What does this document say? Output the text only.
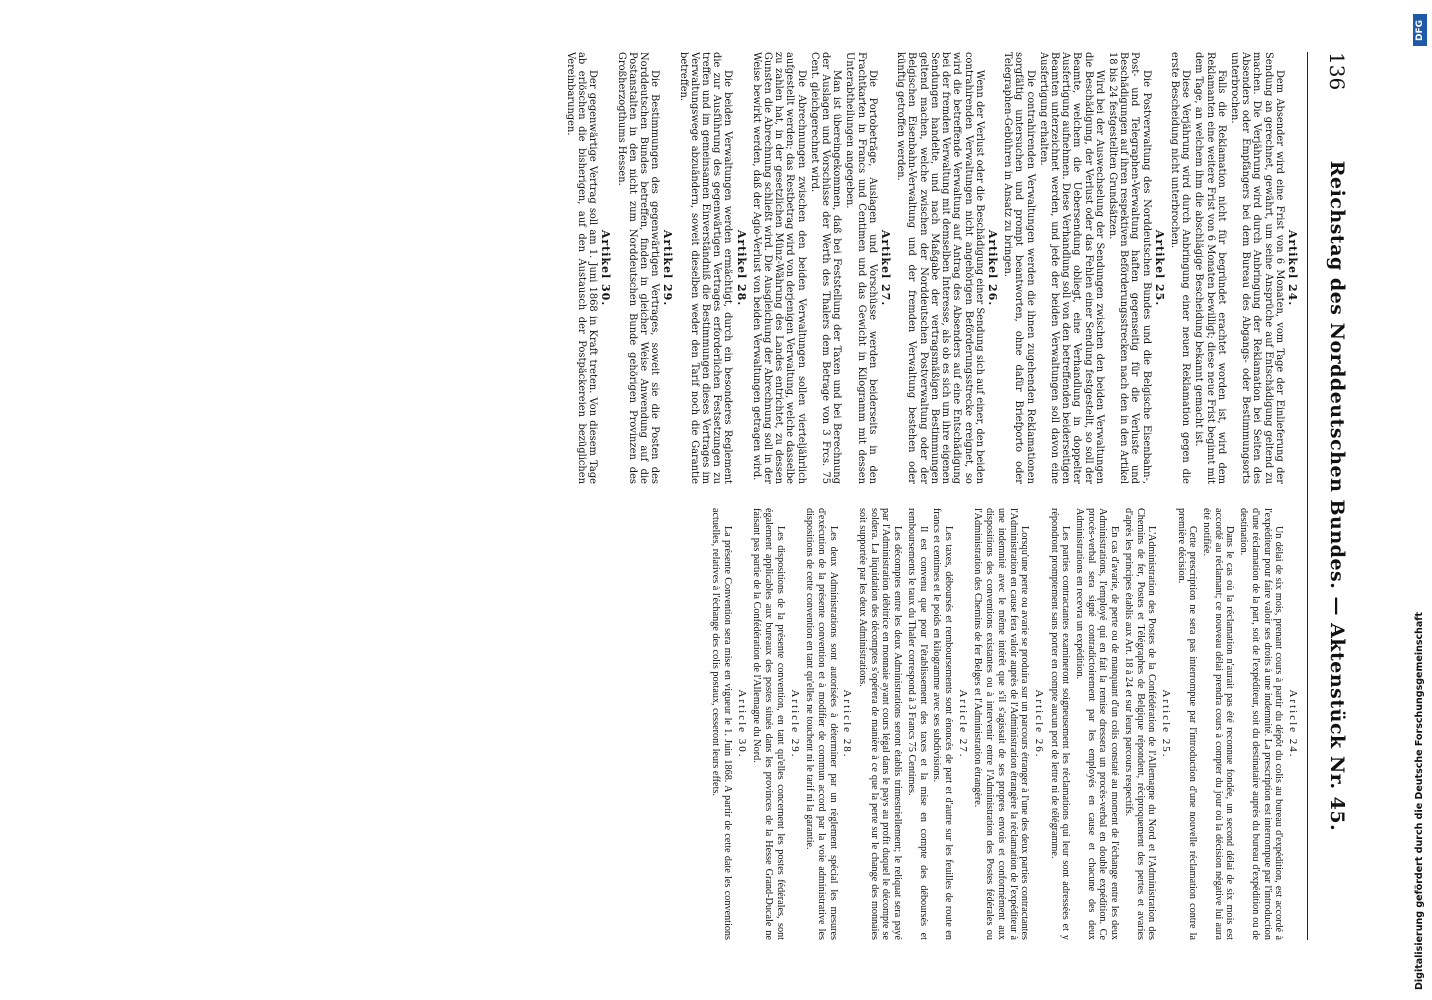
136
Reichstag des Norddeutschen Bundes. — Aktenstück Nr. 45.
Artikel 24.

Dem Absender wird eine Frist von 6 Monaten, vom Tage der Einlieferung der Sendung an gerechnet, gewährt, um seine Ansprüche auf Entschädigung geltend zu machen. Die Verjährung wird durch Anbringung der Reklamation bei Seiten des Absenders oder Empfängers bei dem Bureau des Abgangs- oder Bestimmungsorts unterbrochen.

Falls die Reklamation nicht für begründet erachtet worden ist, wird dem Reklamanten eine weitere Frist von 6 Monaten bewilligt; diese neue Frist beginnt mit dem Tage, an welchem ihm die abschlägige Bescheidung bekannt gemacht ist.

Diese Verjährung wird durch Anbringung einer neuen Reklamation gegen die erste Bescheidung nicht unterbrochen.

Artikel 25.

Die Postverwaltung des Norddeutschen Bundes und die Belgische Eisenbahn-, Post- und Telegraphen-Verwaltung haften gegenseitig für die Verluste und Beschädigungen auf ihren respektiven Beförderungsstrecken nach den in den Artikel 18 bis 24 festgestellten Grundsätzen.

Wird bei der Auswechselung der Sendungen zwischen den beiden Verwaltungen die Beschädigung, der Verlust oder das Fehlen einer Sendung festgestellt, so soll der Beamte, welchem die Uebersendung obliegt, eine Verhandlung in doppelter Ausfertigung aufnehmen. Diese Verhandlung soll von den betreffenden beiderseitigen Beamten unterzeichnet werden, und jede der beiden Verwaltungen soll davon eine Ausfertigung erhalten.

Die contrahirenden Verwaltungen werden die ihnen zugehenden Reklamationen sorgfältig untersuchen und prompt beantworten, ohne dafür Briefporto oder Telegraphen-Gebühren in Ansatz zu bringen.

Artikel 26.

Wenn der Verlust oder die Beschädigung einer Sendung sich auf einer, den beiden contrahirenden Verwaltungen nicht angehörigen Beförderungsstrecke ereignet, so wird die betreffende Verwaltung auf Antrag des Absenders auf eine Entschädigung bei der fremden Verwaltung mit demselben Interesse, als ob es sich um ihre eigenen Sendungen handelte, und nach Maßgabe der vertragsmäßigen Bestimmungen geltend machen, welche zwischen der Norddeutschen Postverwaltung oder der Belgischen Eisenbahn-Verwaltung und der fremden Verwaltung bestehen oder künftig getroffen werden.

Artikel 27.

Die Portobeträge, Auslagen und Vorschüsse werden beiderseits in den Frachtkarten in Francs und Centimen und das Gewicht in Kilogramm mit dessen Unterabtheilungen angegeben.

Man ist übereingekommen, daß bei Feststellung der Taxen und bei Berechnung der Auslagen und Vorschüsse der Werth des Thalers dem Betrage von 3 Frcs. 75 Cent. gleichgerechnet wird.

Die Abrechnungen zwischen den beiden Verwaltungen sollen vierteljährlich aufgestellt werden; das Restbetrag wird von derjenigen Verwaltung, welche dasselbe zu zahlen hat, in der gesetzlichen Münz-Währung des Landes entrichtet, zu dessen Gunsten die Abrechnung schließt wird. Die Ausgleichung der Abrechnung soll in der Weise bewirkt werden, daß der Agio-Verlust von beiden Verwaltungen getragen wird.

Artikel 28.

Die beiden Verwaltungen werden ermächtigt, durch ein besonderes Reglement die zur Ausführung des gegenwärtigen Vertrages erforderlichen Festsetzungen zu treffen und im gemeinsamen Einverständniß die Bestimmungen dieses Vertrages im Verwaltungswege abzuändern, soweit dieselben weder den Tarif noch die Garantie betreffen.

Artikel 29.

Die Bestimmungen des gegenwärtigen Vertrages, soweit sie die Posten des Norddeutschen Bundes betreffen, finden in gleicher Weise Anwendung auf die Postanstalten in den nicht zum Norddeutschen Bunde gehörigen Provinzen des Großherzogthums Hessen.

Artikel 30.

Der gegenwärtige Vertrag soll am 1. Juni 1868 in Kraft treten. Von diesem Tage ab erlöschen die bisherigen, auf den Austausch der Postpäckereien bezüglichen Vereinbarungen.

Article 24.

Un délai de six mois, prenant cours à partir du dépôt du colis au bureau d'expédition, est accordé à l'expéditeur pour faire valoir ses droits à une indemnité. La prescription est interrompue par l'introduction d'une réclamation de la part, soit de l'expéditeur, soit du destinataire auprès du bureau d'expédition ou de destination.

Dans le cas où la réclamation n'aurait pas été reconnue fondée, un second délai de six mois est accordé au réclamant; ce nouveau délai prendra cours à compter du jour où la décision négative lui aura été notifiée.

Cette prescription ne sera pas interrompue par l'introduction d'une nouvelle réclamation contre la première décision.

Article 25.

L'Administration des Postes de la Confédération de l'Allemagne du Nord et l'Administration des Chemins de fer, Postes et Télégraphes de Belgique répondent, réciproquement des pertes et avaries d'après les principes établis aux Art. 18 à 24 et sur leurs parcours respectifs.

En cas d'avarie, de perte ou de manquant d'un colis constaté au moment de l'échange entre les deux Administrations, l'employé qui en fait la remise dressera un procès-verbal en double expédition. Ce procès-verbal sera signé contradictoirement par les employés en cause et chacune des deux Administrations en recevra un expédition.

Les parties contractantes examineront soigneusement les réclamations qui leur sont adressées et y répondront promptement sans porter en compte aucun port de lettre ni de télégramme.

Article 26.

Lorsqu'une perte ou avarie se produira sur un parcours étranger à l'une des deux parties contractantes l'Administration en cause fera valoir auprès de l'Administration étrangère la réclamation de l'expéditeur à une indemnité avec le même intérêt que s'il s'agissait de ses propres envois et conformément aux dispositions des conventions existantes ou à intervenir entre l'Administration des Postes fédérales ou l'Administration des Chemins de fer Belges et l'Administration étrangère.

Article 27.

Les taxes, déboursés et remboursements sont énoncés de part et d'autre sur les feuilles de route en francs et centimes et le poids en kilogramme avec ses subdivisions.

Il est convenu que pour l'établissement des taxes et la mise en compte des déboursés et remboursements le taux du Thaler correspond à 3 Francs 75 Centimes.

Les décomptes entre les deux Administrations seront établis trimestriellement; le reliquat sera payé par l'Administration débitrice en monnaie ayant cours légal dans le pays au profit duquel le décompte se soldera. La liquidation des décomptes s'opérera de manière à ce que la perte sur le change des monnaies soit supportée par les deux Administrations.

Article 28.

Les deux Administrations sont autorisées à déterminer par un règlement spécial les mesures d'exécution de la présente convention et à modifier de commun accord par la voie administrative les dispositions de cette convention en tant qu'elles ne touchent ni le tarif ni la garantie.

Article 29.

Les dispositions de la présente convention, en tant qu'elles concernent les postes fédérales, sont également applicables aux bureaux des postes situés dans les provinces de la Hesse Grand-Ducale ne faisant pas partie de la Confédération de l'Allemagne du Nord.

Article 30.

La présente Convention sera mise en vigueur le 1. Juin 1868. A partir de cette date les conventions actuelles, relatives à l'échange des colis postaux, cesseront leurs effets.

DFG
Digitalisierung gefördert durch die Deutsche Forschungsgemeinschaft
